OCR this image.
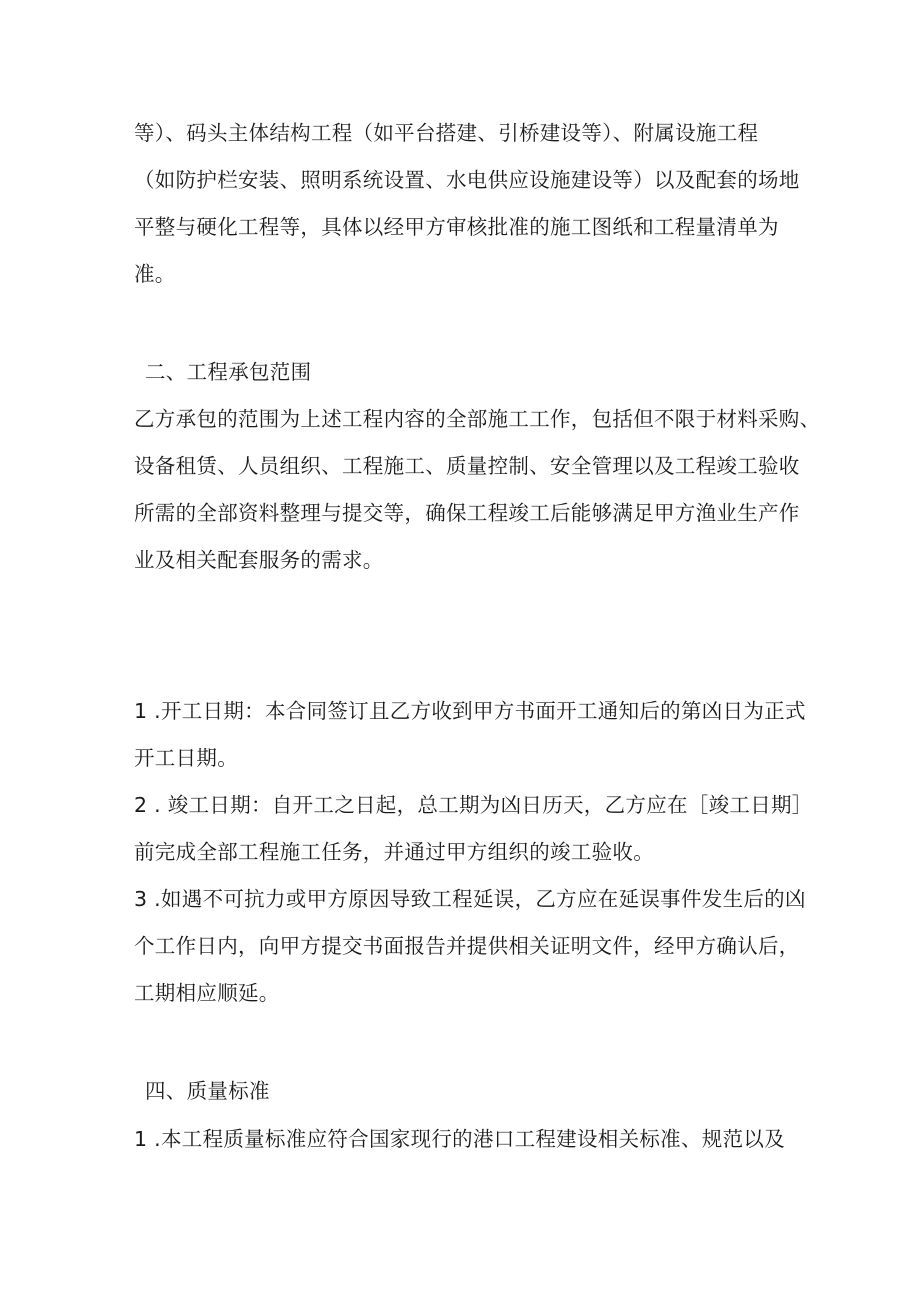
等）、码头主体结构工程（如平台搭建、引桥建设等）、附属设施工程
（如防护栏安装、照明系统设置、水电供应设施建设等）以及配套的场地
平整与硬化工程等，具体以经甲方审核批准的施工图纸和工程量清单为
准。
二、工程承包范围
乙方承包的范围为上述工程内容的全部施工工作，包括但不限于材料采购、
设备租赁、人员组织、工程施工、质量控制、安全管理以及工程竣工验收
所需的全部资料整理与提交等，确保工程竣工后能够满足甲方渔业生产作
业及相关配套服务的需求。
1 .开工日期：本合同签订且乙方收到甲方书面开工通知后的第凶日为正式
开工日期。
2 . 竣工日期：自开工之日起，总工期为凶日历天，乙方应在［竣工日期］
前完成全部工程施工任务，并通过甲方组织的竣工验收。
3 .如遇不可抗力或甲方原因导致工程延误，乙方应在延误事件发生后的凶
个工作日内，向甲方提交书面报告并提供相关证明文件，经甲方确认后，
工期相应顺延。
四、质量标准
1 .本工程质量标准应符合国家现行的港口工程建设相关标准、规范以及
